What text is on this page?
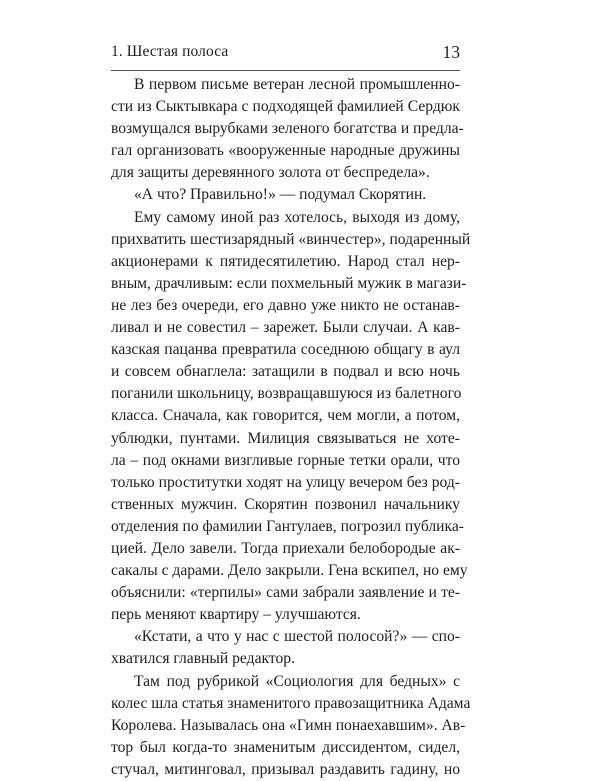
1. Шестая полоса	13
В первом письме ветеран лесной промышленно-
сти из Сыктывкара с подходящей фамилией Сердюк
возмущался вырубками зеленого богатства и предла-
гал организовать «вооруженные народные дружины
для защиты деревянного золота от беспредела».
«А что? Правильно!» — подумал Скорятин.
Ему самому иной раз хотелось, выходя из дому,
прихватить шестизарядный «винчестер», подаренный
акционерами к пятидесятилетию. Народ стал нер-
вным, драчливым: если похмельный мужик в магази-
не лез без очереди, его давно уже никто не останав-
ливал и не совестил – зарежет. Были случаи. А кав-
казская пацанва превратила соседнюю общагу в аул
и совсем обнаглела: затащили в подвал и всю ночь
поганили школьницу, возвращавшуюся из балетного
класса. Сначала, как говорится, чем могли, а потом,
ублюдки, пунтами. Милиция связываться не хоте-
ла – под окнами визгливые горные тетки орали, что
только проститутки ходят на улицу вечером без род-
ственных мужчин. Скорятин позвонил начальнику
отделения по фамилии Гантулаев, погрозил публика-
цией. Дело завели. Тогда приехали белобородые ак-
сакалы с дарами. Дело закрыли. Гена вскипел, но ему
объяснили: «терпилы» сами забрали заявление и те-
перь меняют квартиру – улучшаются.
«Кстати, а что у нас с шестой полосой?» — спо-
хватился главный редактор.
Там под рубрикой «Социология для бедных» с
колес шла статья знаменитого правозащитника Адама
Королева. Называлась она «Гимн понаехавшим». Ав-
тор был когда-то знаменитым диссидентом, сидел,
стучал, митинговал, призывал раздавить гадину, но
